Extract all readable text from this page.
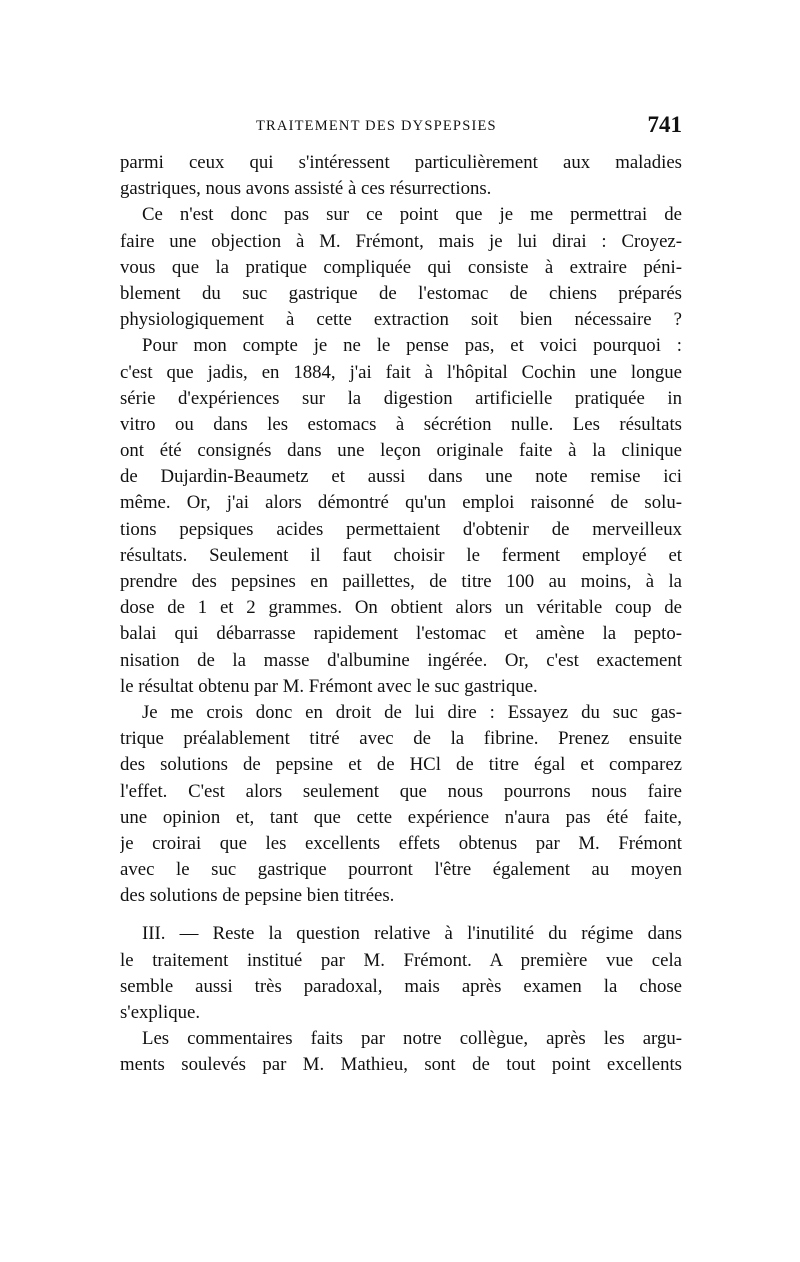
TRAITEMENT DES DYSPEPSIES	741
parmi ceux qui s'intéressent particulièrement aux maladies
gastriques, nous avons assisté à ces résurrections.
Ce n'est donc pas sur ce point que je me permettrai de
faire une objection à M. Frémont, mais je lui dirai : Croyez-
vous que la pratique compliquée qui consiste à extraire péni-
blement du suc gastrique de l'estomac de chiens préparés
physiologiquement à cette extraction soit bien nécessaire ?
Pour mon compte je ne le pense pas, et voici pourquoi :
c'est que jadis, en 1884, j'ai fait à l'hôpital Cochin une longue
série d'expériences sur la digestion artificielle pratiquée in
vitro ou dans les estomacs à sécrétion nulle. Les résultats
ont été consignés dans une leçon originale faite à la clinique
de Dujardin-Beaumetz et aussi dans une note remise ici
même. Or, j'ai alors démontré qu'un emploi raisonné de solu-
tions pepsiques acides permettaient d'obtenir de merveilleux
résultats. Seulement il faut choisir le ferment employé et
prendre des pepsines en paillettes, de titre 100 au moins, à la
dose de 1 et 2 grammes. On obtient alors un véritable coup de
balai qui débarrasse rapidement l'estomac et amène la pepto-
nisation de la masse d'albumine ingérée. Or, c'est exactement
le résultat obtenu par M. Frémont avec le suc gastrique.
Je me crois donc en droit de lui dire : Essayez du suc gas-
trique préalablement titré avec de la fibrine. Prenez ensuite
des solutions de pepsine et de HCl de titre égal et comparez
l'effet. C'est alors seulement que nous pourrons nous faire
une opinion et, tant que cette expérience n'aura pas été faite,
je croirai que les excellents effets obtenus par M. Frémont
avec le suc gastrique pourront l'être également au moyen
des solutions de pepsine bien titrées.
III. — Reste la question relative à l'inutilité du régime dans
le traitement institué par M. Frémont. A première vue cela
semble aussi très paradoxal, mais après examen la chose
s'explique.
Les commentaires faits par notre collègue, après les argu-
ments soulevés par M. Mathieu, sont de tout point excellents
